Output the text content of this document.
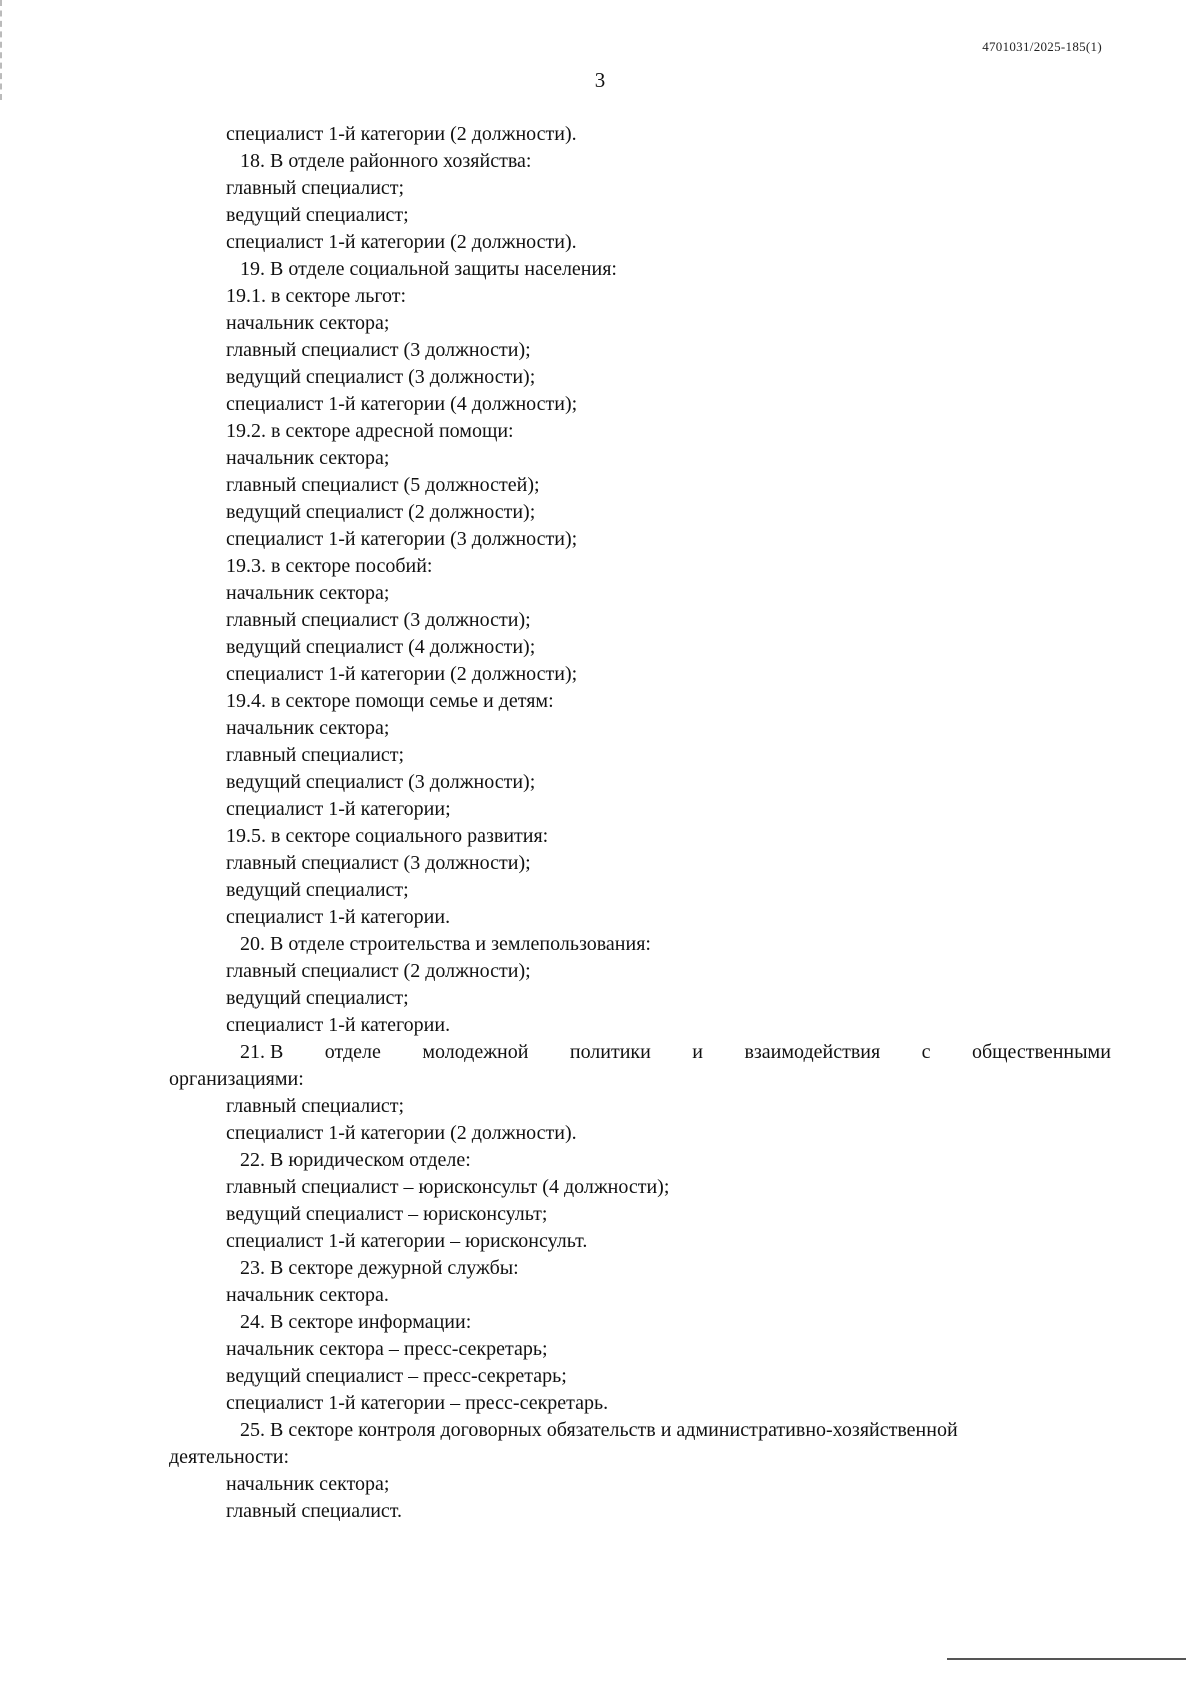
4701031/2025-185(1)
3
специалист 1-й категории (2 должности).
18. В отделе районного хозяйства:
главный специалист;
ведущий специалист;
специалист 1-й категории (2 должности).
19. В отделе социальной защиты населения:
19.1. в секторе льгот:
начальник сектора;
главный специалист (3 должности);
ведущий специалист (3 должности);
специалист 1-й категории (4 должности);
19.2. в секторе адресной помощи:
начальник сектора;
главный специалист (5 должностей);
ведущий специалист (2 должности);
специалист 1-й категории (3 должности);
19.3. в секторе пособий:
начальник сектора;
главный специалист (3 должности);
ведущий специалист (4 должности);
специалист 1-й категории (2 должности);
19.4. в секторе помощи семье и детям:
начальник сектора;
главный специалист;
ведущий специалист (3 должности);
специалист 1-й категории;
19.5. в секторе социального развития:
главный специалист (3 должности);
ведущий специалист;
специалист 1-й категории.
20. В отделе строительства и землепользования:
главный специалист (2 должности);
ведущий специалист;
специалист 1-й категории.
21. В отделе молодежной политики и взаимодействия с общественными
организациями:
главный специалист;
специалист 1-й категории (2 должности).
22. В юридическом отделе:
главный специалист – юрисконсульт (4 должности);
ведущий специалист – юрисконсульт;
специалист 1-й категории – юрисконсульт.
23. В секторе дежурной службы:
начальник сектора.
24. В секторе информации:
начальник сектора – пресс-секретарь;
ведущий специалист – пресс-секретарь;
специалист 1-й категории – пресс-секретарь.
25. В секторе контроля договорных обязательств и административно-хозяйственной
деятельности:
начальник сектора;
главный специалист.
